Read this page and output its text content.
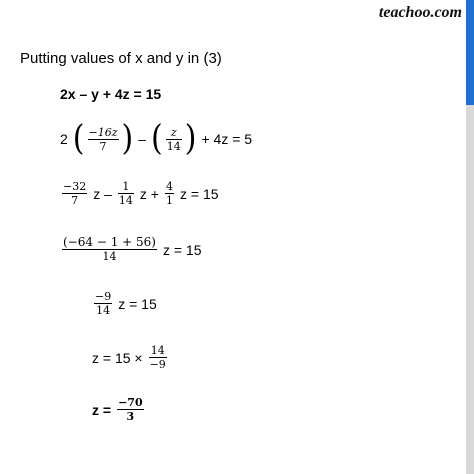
teachoo.com
Putting values of x and y in (3)
2x – y + 4z = 15
2 ( $\frac{-16z}{7}$ ) – ( $\frac{z}{14}$ ) + 4z = 5
$\frac{-32}{7}$ z – $\frac{1}{14}$ $z + \frac{4}{1}$ z = 15
$\frac{(-64 - 1 + 56)}{14}$ z = 15
$\frac{-9}{14}$ z = 15
$z = 15 \times \frac{14}{-9}$
$z = \frac{-70}{3}$
